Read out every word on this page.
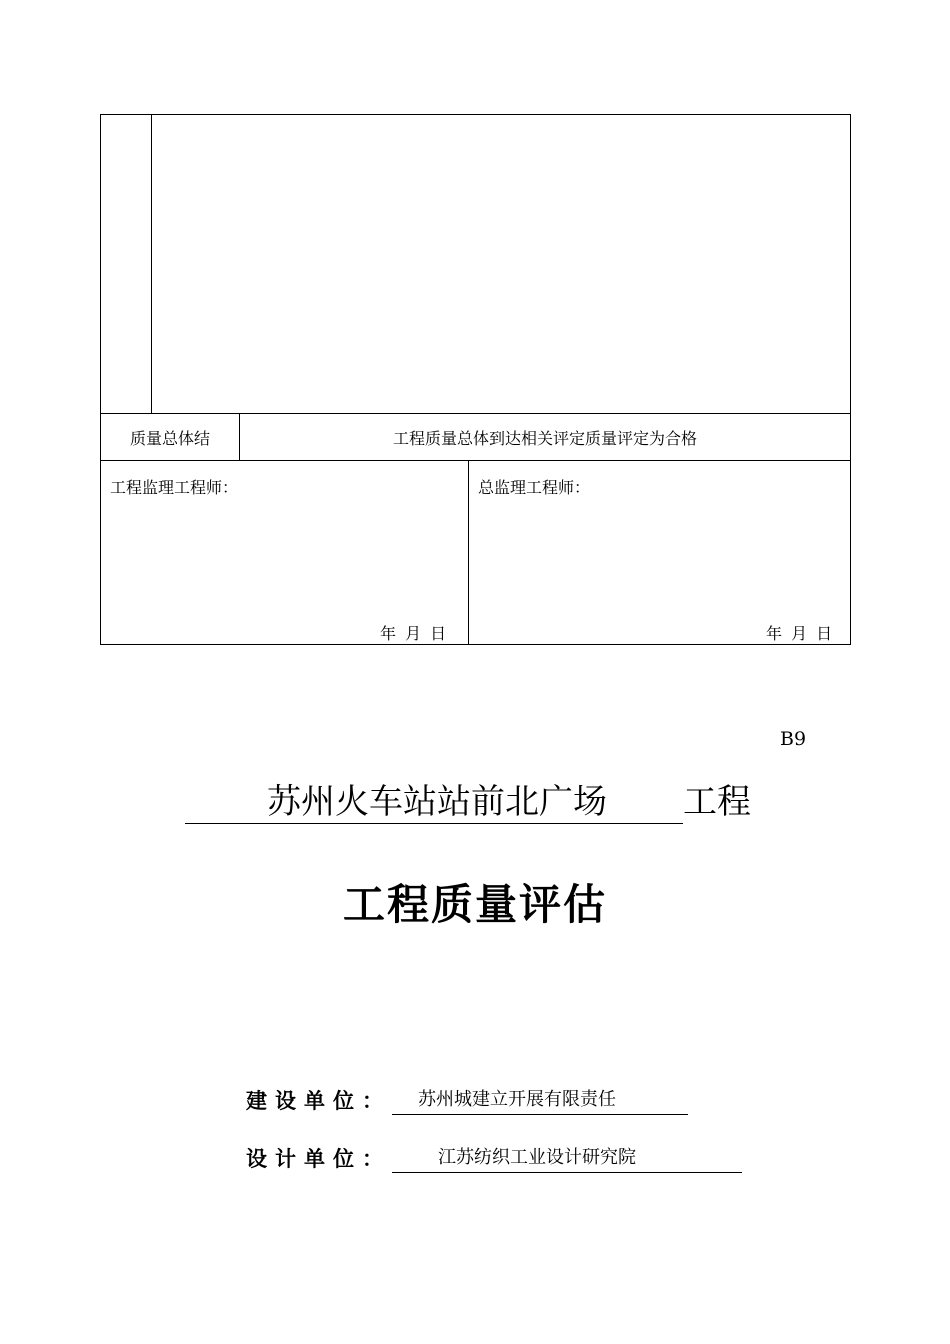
质量总体结	工程质量总体到达相关评定质量评定为合格
工程监理工程师：	总监理工程师：
年 月 日	年 月 日
B9
苏州火车站站前北广场	工程
工程质量评估
建设单位：	苏州城建立开展有限责任
设计单位：	江苏纺织工业设计研究院
